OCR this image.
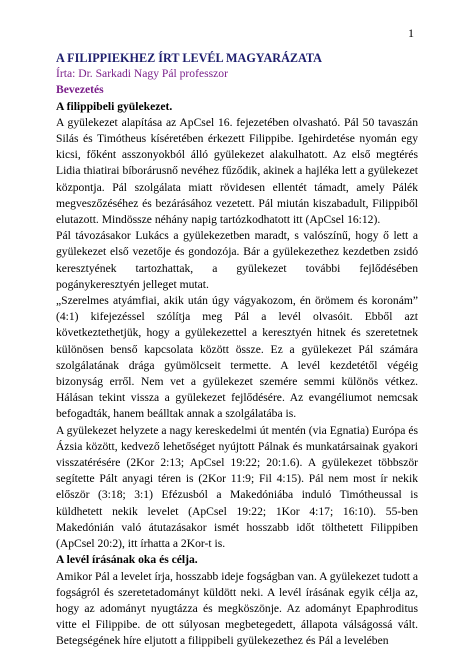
1

A FILIPPIEKHEZ ÍRT LEVÉL MAGYARÁZATA

Írta: Dr. Sarkadi Nagy Pál professzor

Bevezetés

A filippibeli gyülekezet.

A gyülekezet alapítása az ApCsel 16. fejezetében olvasható. Pál 50 tavaszán Silás és Timótheus kíséretében érkezett Filippibe. Igehirdetése nyomán egy kicsi, főként asszonyokból álló gyülekezet alakulhatott. Az első megtérés Lidia thiatirai bíborárusnő nevéhez fűződik, akinek a hajléka lett a gyülekezet központja. Pál szolgálata miatt rövidesen ellentét támadt, amely Pálék megveszőzéséhez és bezárásához vezetett. Pál miután kiszabadult, Filippiből elutazott. Mindössze néhány napig tartózkodhatott itt (ApCsel 16:12).

Pál távozásakor Lukács a gyülekezetben maradt, s valószínű, hogy ő lett a gyülekezet első vezetője és gondozója. Bár a gyülekezethez kezdetben zsidó keresztyének tartozhattak, a gyülekezet további fejlődésében pogánykeresztyén jelleget mutat.

„Szerelmes atyámfiai, akik után úgy vágyakozom, én örömem és koronám” (4:1) kifejezéssel szólítja meg Pál a levél olvasóit. Ebből azt következtethetjük, hogy a gyülekezettel a keresztyén hitnek és szeretetnek különösen benső kapcsolata között össze. Ez a gyülekezet Pál számára szolgálatának drága gyümölcseit termette. A levél kezdetétől végéig bizonyság erről. Nem vet a gyülekezet szemére semmi különös vétkez. Hálásan tekint vissza a gyülekezet fejlődésére. Az evangéliumot nemcsak befogadták, hanem beálltak annak a szolgálatába is.

A gyülekezet helyzete a nagy kereskedelmi út mentén (via Egnatia) Európa és Ázsia között, kedvező lehetőséget nyújtott Pálnak és munkatársainak gyakori visszatérésére (2Kor 2:13; ApCsel 19:22; 20:1.6). A gyülekezet többször segítette Pált anyagi téren is (2Kor 11:9; Fil 4:15). Pál nem most ír nekik először (3:18; 3:1) Efézusból a Makedóniába induló Timótheussal is küldhetett nekik levelet (ApCsel 19:22; 1Kor 4:17; 16:10). 55-ben Makedónián való átutazásakor ismét hosszabb időt tölthetett Filippiben (ApCsel 20:2), itt írhatta a 2Kor-t is.

A levél írásának oka és célja.

Amikor Pál a levelet írja, hosszabb ideje fogságban van. A gyülekezet tudott a fogságról és szeretetadományt küldött neki. A levél írásának egyik célja az, hogy az adományt nyugtázza és megköszönje. Az adományt Epaphroditus vitte el Filippibe. de ott súlyosan megbetegedett, állapota válságossá vált. Betegségének híre eljutott a filippibeli gyülekezethez és Pál a levelében
